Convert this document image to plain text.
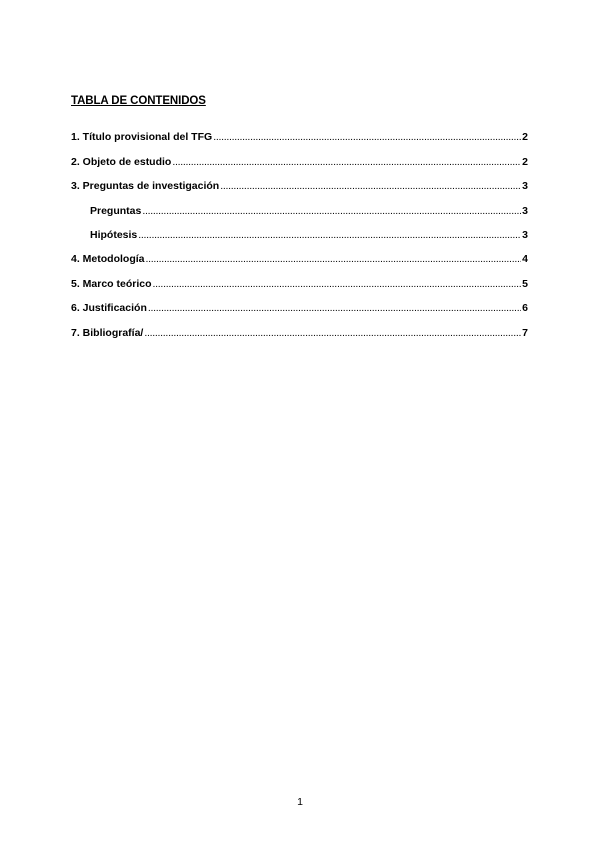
TABLA DE CONTENIDOS
1. Título provisional del TFG . . .	2
2. Objeto de estudio . . .	2
3. Preguntas de investigación . . .	3
Preguntas . . .	3
Hipótesis . . .	3
4. Metodología . . .	4
5. Marco teórico . . .	5
6. Justificación . . .	6
7. Bibliografía/ . . .	7
1
